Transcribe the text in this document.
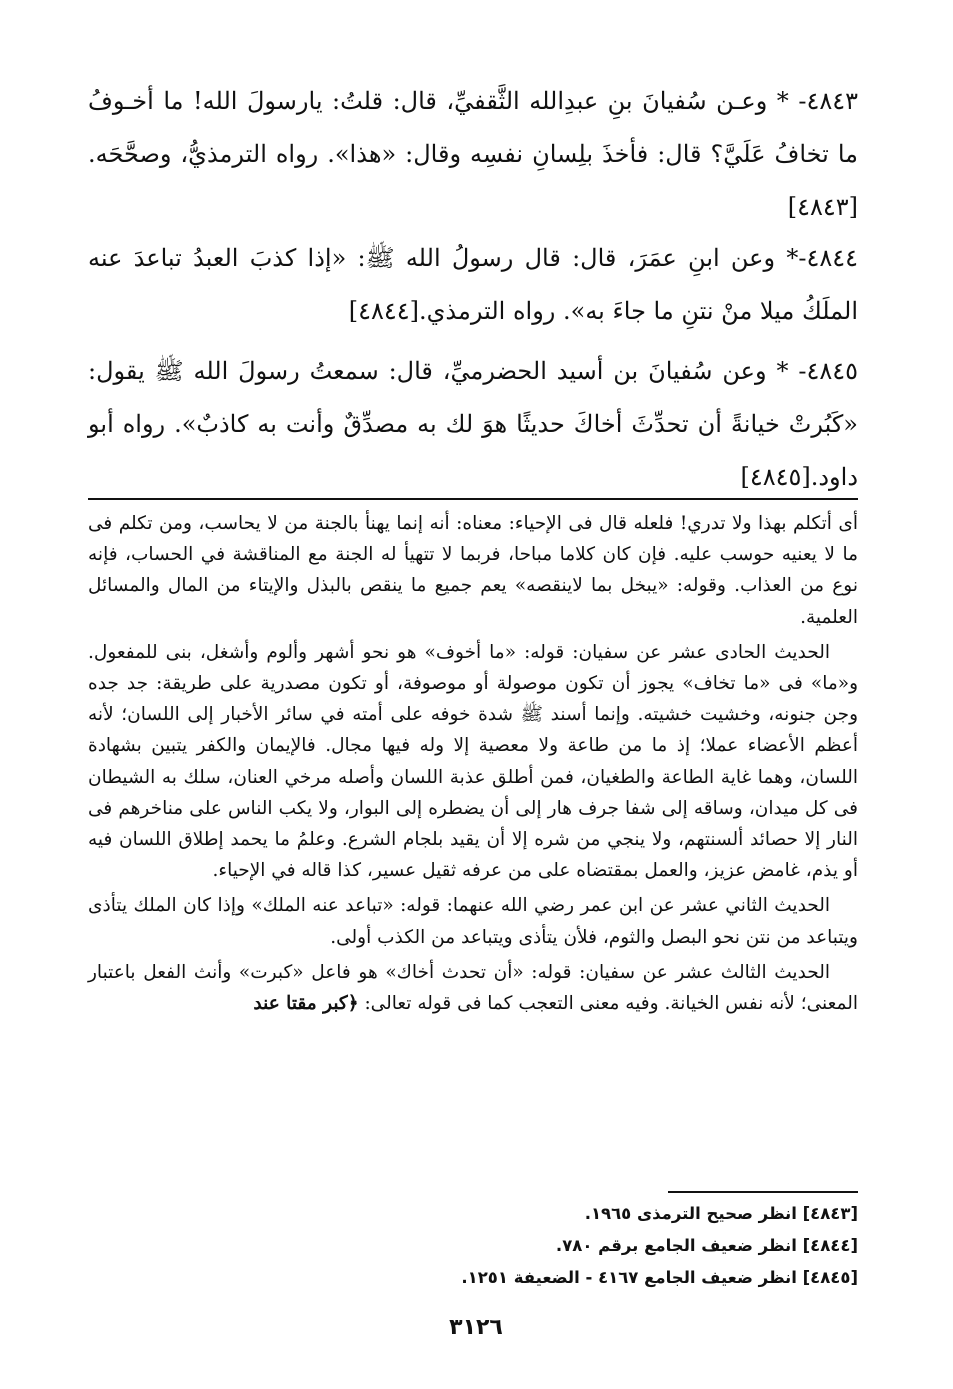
٤٨٤٣- * وعـن سُفيانَ بنِ عبدِالله الثَّقفيِّ، قال: قلتُ: يارسولَ الله! ما أخـوفُ ما تخافُ عَلَيَّ؟ قال: فأخذَ بلِسانِ نفسِه وقال: «هذا». رواه الترمذيُّ، وصحَّحَه.[٤٨٤٣]
٤٨٤٤-* وعن ابنِ عمَرَ، قال: قال رسولُ الله ﷺ: «إذا كذبَ العبدُ تباعدَ عنه الملَكُ ميلا منْ نتنِ ما جاءَ به». رواه الترمذي.[٤٨٤٤]
٤٨٤٥- * وعن سُفيانَ بن أسيد الحضرميِّ، قال: سمعتُ رسولَ الله ﷺ يقول: «كَبُرتْ خيانةً أن تحدِّثَ أخاكَ حديثًا هوَ لك به مصدِّقٌ وأنت به كاذبٌ». رواه أبو داود.[٤٨٤٥]

أى أتكلم بهذا ولا تدري! فلعله قال فى الإحياء: معناه: أنه إنما يهنأ بالجنة من لا يحاسب، ومن تكلم فى ما لا يعنيه حوسب عليه. فإن كان كلاما مباحا، فربما لا تتهيأ له الجنة مع المناقشة في الحساب، فإنه نوع من العذاب. وقوله: «يبخل بما لاينقصه» يعم جميع ما ينقص بالبذل والإيتاء من المال والمسائل العلمية.

الحديث الحادى عشر عن سفيان: قوله: «ما أخوف» هو نحو أشهر وألوم وأشغل، بنى للمفعول. و«ما» فى «ما تخاف» يجوز أن تكون موصولة أو موصوفة، أو تكون مصدرية على طريقة: جد جده وجن جنونه، وخشيت خشيته. وإنما أسند ﷺ شدة خوفه على أمته في سائر الأخبار إلى اللسان؛ لأنه أعظم الأعضاء عملا؛ إذ ما من طاعة ولا معصية إلا وله فيها مجال. فالإيمان والكفر يتبين بشهادة اللسان، وهما غاية الطاعة والطغيان، فمن أطلق عذبة اللسان وأصله مرخي العنان، سلك به الشيطان فى كل ميدان، وساقه إلى شفا جرف هار إلى أن يضطره إلى البوار، ولا يكب الناس على مناخرهم فى النار إلا حصائد ألسنتهم، ولا ينجي من شره إلا أن يقيد بلجام الشرع. وعلمُ ما يحمد إطلاق اللسان فيه أو يذم، غامض عزيز، والعمل بمقتضاه على من عرفه ثقيل عسير، كذا قاله في الإحياء.

الحديث الثاني عشر عن ابن عمر رضي الله عنهما: قوله: «تباعد عنه الملك» وإذا كان الملك يتأذى ويتباعد من نتن نحو البصل والثوم، فلأن يتأذى ويتباعد من الكذب أولى.

الحديث الثالث عشر عن سفيان: قوله: «أن تحدث أخاك» هو فاعل «كبرت» وأنث الفعل باعتبار المعنى؛ لأنه نفس الخيانة. وفيه معنى التعجب كما فى قوله تعالى: ﴿كبر مقتا عند

[٤٨٤٣] انظر صحيح الترمذى ١٩٦٥.
[٤٨٤٤] انظر ضعيف الجامع برقم ٧٨٠.
[٤٨٤٥] انظر ضعيف الجامع ٤١٦٧ - الضعيفة ١٢٥١.
٣١٢٦
